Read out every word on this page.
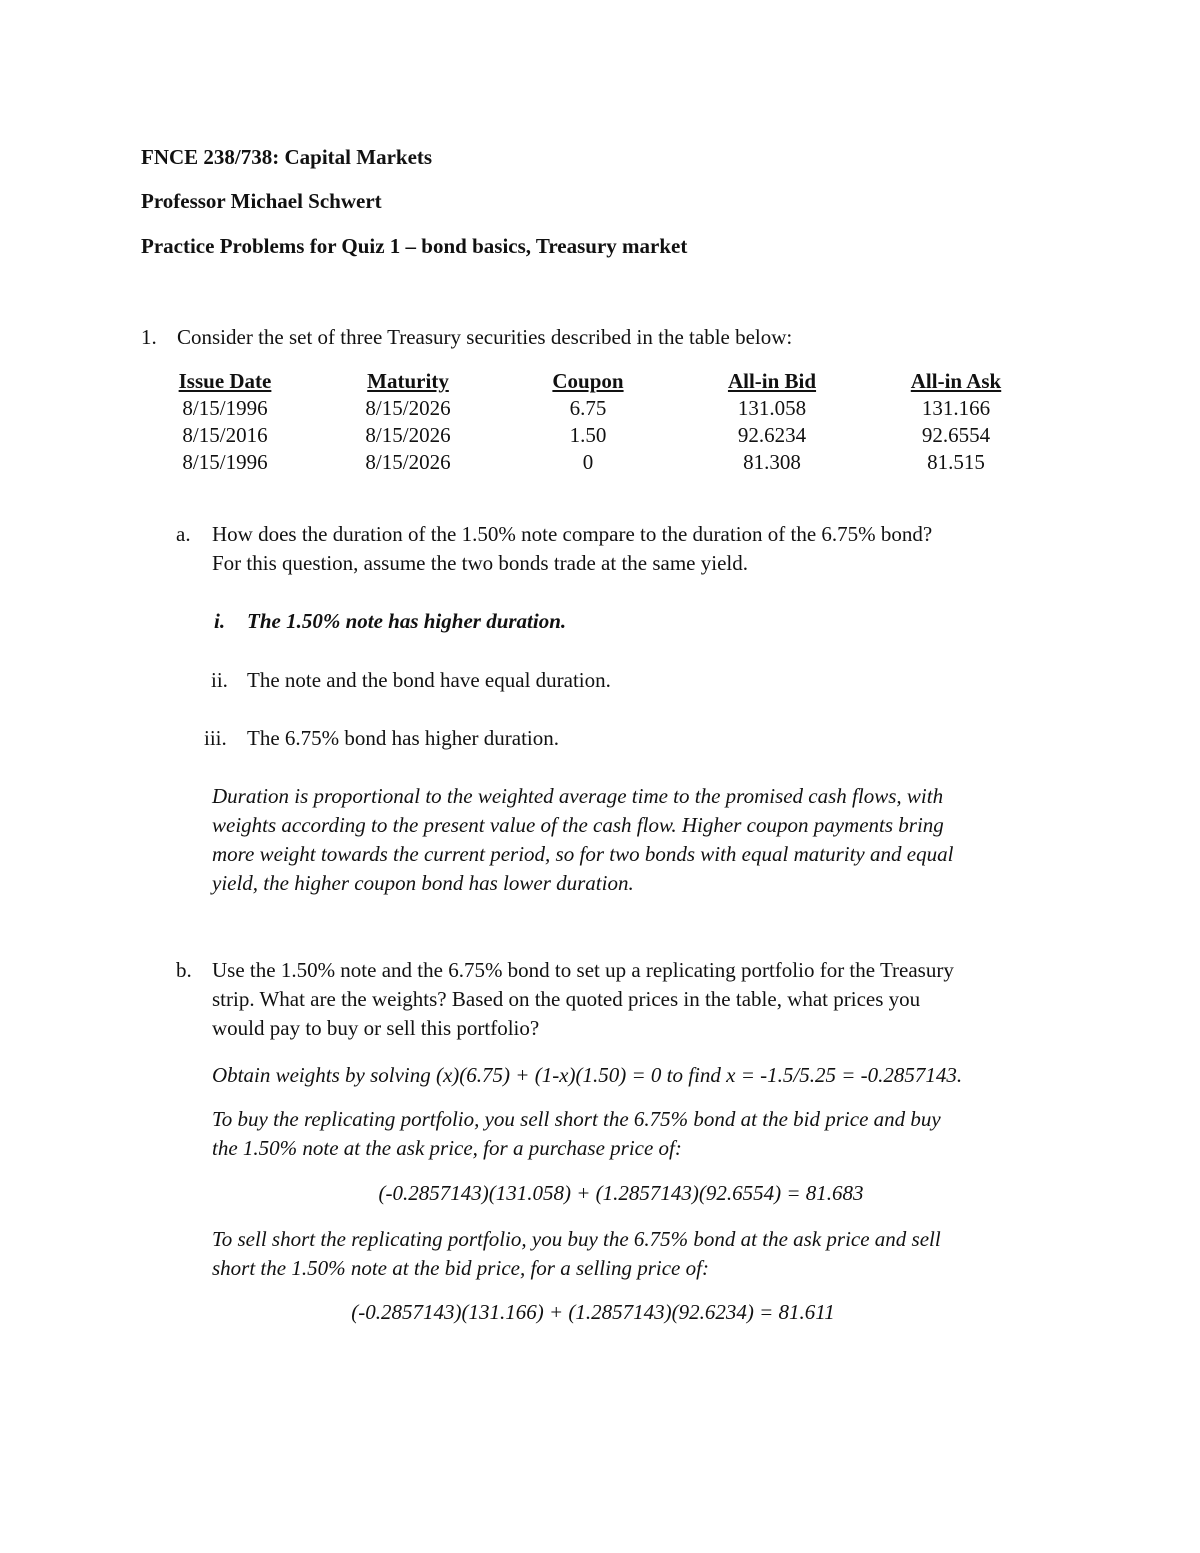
FNCE 238/738: Capital Markets
Professor Michael Schwert
Practice Problems for Quiz 1 – bond basics, Treasury market
1. Consider the set of three Treasury securities described in the table below:
Issue Date	Maturity	Coupon	All-in Bid	All-in Ask
8/15/1996	8/15/2026	6.75	131.058	131.166
8/15/2016	8/15/2026	1.50	92.6234	92.6554
8/15/1996	8/15/2026	0	81.308	81.515
a. How does the duration of the 1.50% note compare to the duration of the 6.75% bond?
For this question, assume the two bonds trade at the same yield.
i. The 1.50% note has higher duration.
ii. The note and the bond have equal duration.
iii. The 6.75% bond has higher duration.
Duration is proportional to the weighted average time to the promised cash flows, with
weights according to the present value of the cash flow. Higher coupon payments bring
more weight towards the current period, so for two bonds with equal maturity and equal
yield, the higher coupon bond has lower duration.
b. Use the 1.50% note and the 6.75% bond to set up a replicating portfolio for the Treasury
strip. What are the weights? Based on the quoted prices in the table, what prices you
would pay to buy or sell this portfolio?
Obtain weights by solving (x)(6.75) + (1-x)(1.50) = 0 to find x = -1.5/5.25 = -0.2857143.
To buy the replicating portfolio, you sell short the 6.75% bond at the bid price and buy
the 1.50% note at the ask price, for a purchase price of:
(-0.2857143)(131.058) + (1.2857143)(92.6554) = 81.683
To sell short the replicating portfolio, you buy the 6.75% bond at the ask price and sell
short the 1.50% note at the bid price, for a selling price of:
(-0.2857143)(131.166) + (1.2857143)(92.6234) = 81.611
